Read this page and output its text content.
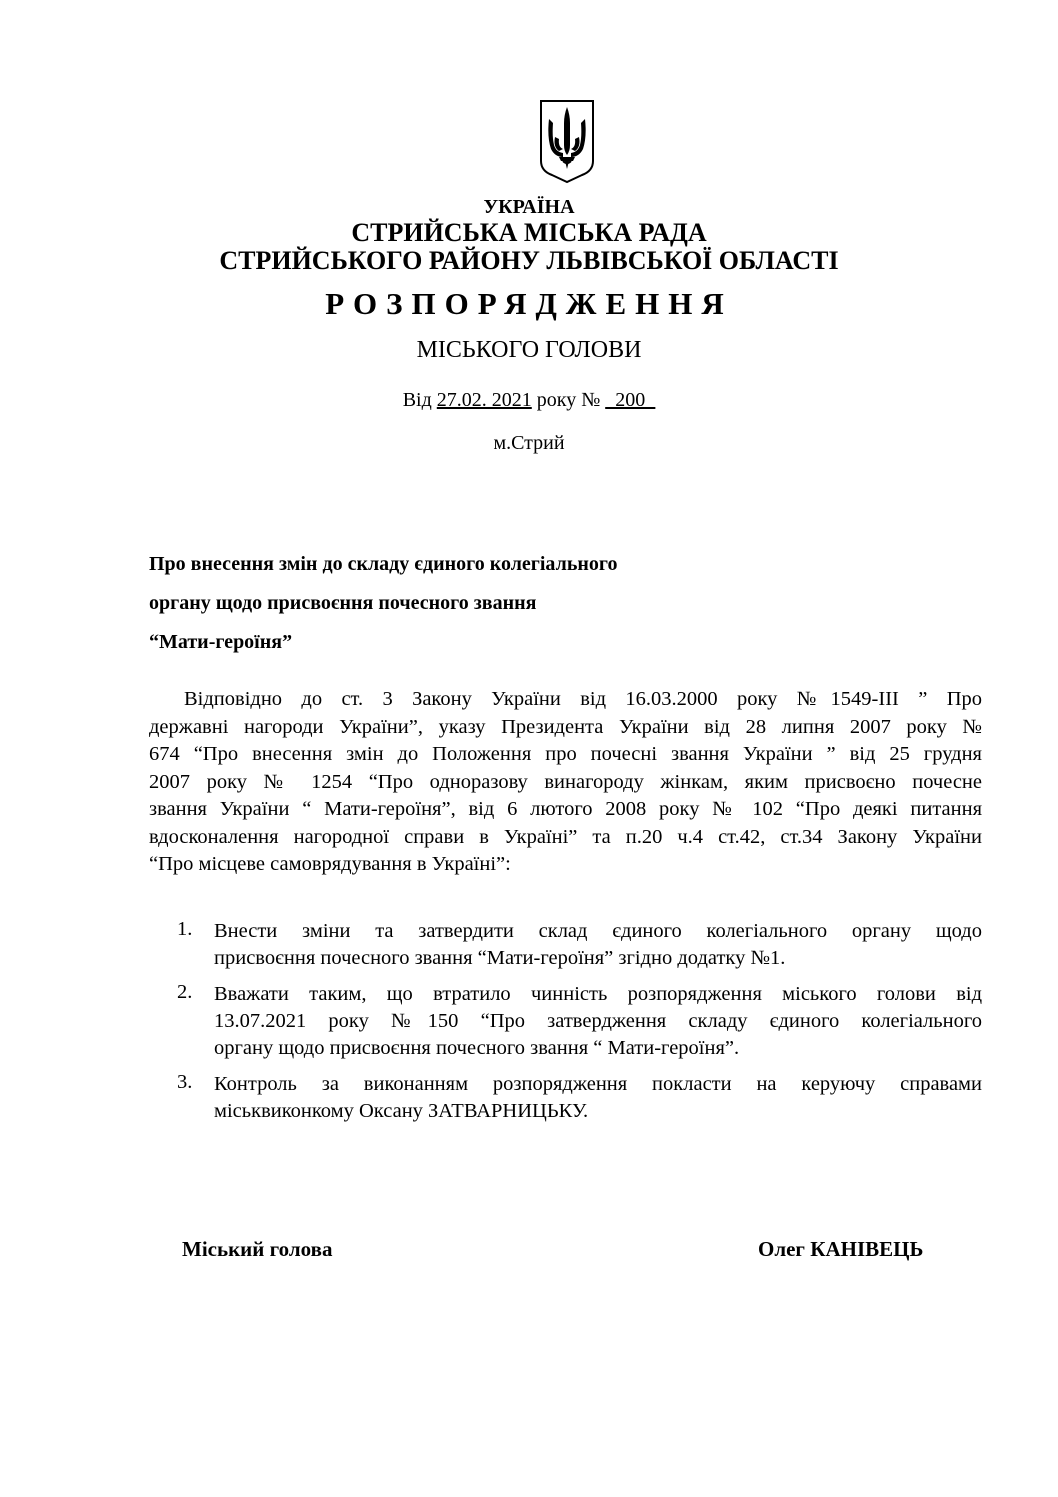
УКРАЇНА
СТРИЙСЬКА МІСЬКА РАДА
СТРИЙСЬКОГО РАЙОНУ ЛЬВІВСЬКОЇ ОБЛАСТІ
РОЗПОРЯДЖЕННЯ
МІСЬКОГО ГОЛОВИ
Від 27.02. 2021 року № _200_
м.Стрий
Про внесення змін до складу єдиного колегіального
органу щодо присвоєння почесного звання
“Мати-героїня”
Відповідно до ст. 3 Закону України від 16.03.2000 року №1549-ІІІ ” Про
державні нагороди України”, указу Президента України від 28 липня 2007 року №
674 “Про внесення змін до Положення про почесні звання України ” від 25 грудня
2007 року № 1254 “Про одноразову винагороду жінкам, яким присвоєно почесне
звання України “ Мати-героїня”, від 6 лютого 2008 року № 102 “Про деякі питання
вдосконалення нагородної справи в Україні” та п.20 ч.4 ст.42, ст.34 Закону України
“Про місцеве самоврядування в Україні”:
1. Внести зміни та затвердити склад єдиного колегіального органу щодо
присвоєння почесного звання “Мати-героїня” згідно додатку №1.
2. Вважати таким, що втратило чинність розпорядження міського голови від
13.07.2021 року №150 “Про затвердження складу єдиного колегіального
органу щодо присвоєння почесного звання “ Мати-героїня”.
3. Контроль за виконанням розпорядження покласти на керуючу справами
міськвиконкому Оксану ЗАТВАРНИЦЬКУ.
Міський голова	Олег КАНІВЕЦЬ
